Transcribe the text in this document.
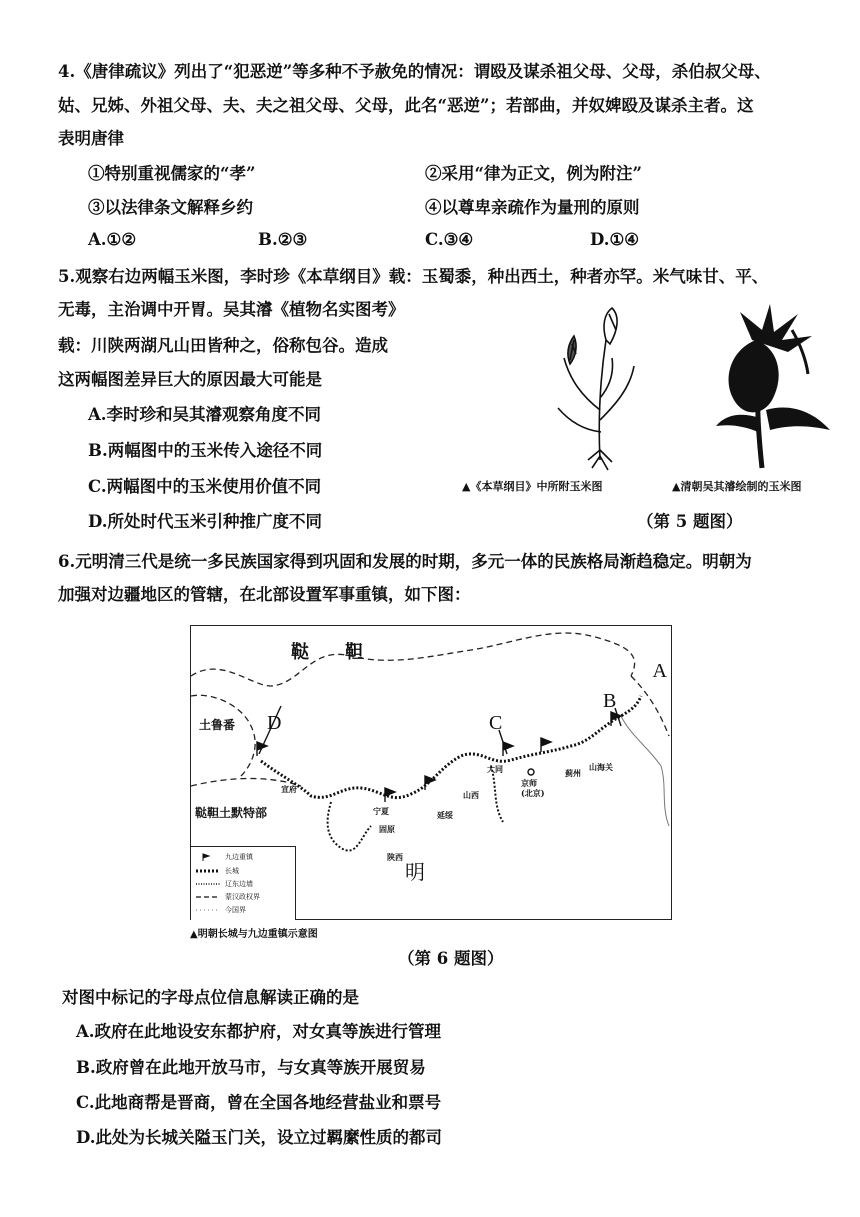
4.《唐律疏议》列出了“犯恶逆”等多种不予赦免的情况：谓殴及谋杀祖父母、父母，杀伯叔父母、
姑、兄姊、外祖父母、夫、夫之祖父母、父母，此名“恶逆”；若部曲，并奴婢殴及谋杀主者。这
表明唐律
①特别重视儒家的“孝”	②采用“律为正文，例为附注”
③以法律条文解释乡约	④以尊卑亲疏作为量刑的原则
A.①②	B.②③	C.③④	D.①④
5.观察右边两幅玉米图，李时珍《本草纲目》载：玉蜀黍，种出西土，种者亦罕。米气味甘、平、
无毒，主治调中开胃。吴其濬《植物名实图考》
载：川陕两湖凡山田皆种之，俗称包谷。造成
这两幅图差异巨大的原因最大可能是
A.李时珍和吴其濬观察角度不同
B.两幅图中的玉米传入途径不同
C.两幅图中的玉米使用价值不同
D.所处时代玉米引种推广度不同
▲《本草纲目》中所附玉米图	▲清朝吴其濬绘制的玉米图
（第 5 题图）
6.元明清三代是统一多民族国家得到巩固和发展的时期，多元一体的民族格局渐趋稳定。明朝为
加强对边疆地区的管辖，在北部设置军事重镇，如下图：
鞑　　靼
土鲁番
鞑靼土默特部
明
A
B
C
D
大同
京师
(北京)
蓟州
山海关
宣府
山西
延绥
宁夏
固原
陕西
九边重镇
长城
辽东边墙
蒙汉政权界
今国界
▲明朝长城与九边重镇示意图
（第 6 题图）
对图中标记的字母点位信息解读正确的是
A.政府在此地设安东都护府，对女真等族进行管理
B.政府曾在此地开放马市，与女真等族开展贸易
C.此地商帮是晋商，曾在全国各地经营盐业和票号
D.此处为长城关隘玉门关，设立过羁縻性质的都司
